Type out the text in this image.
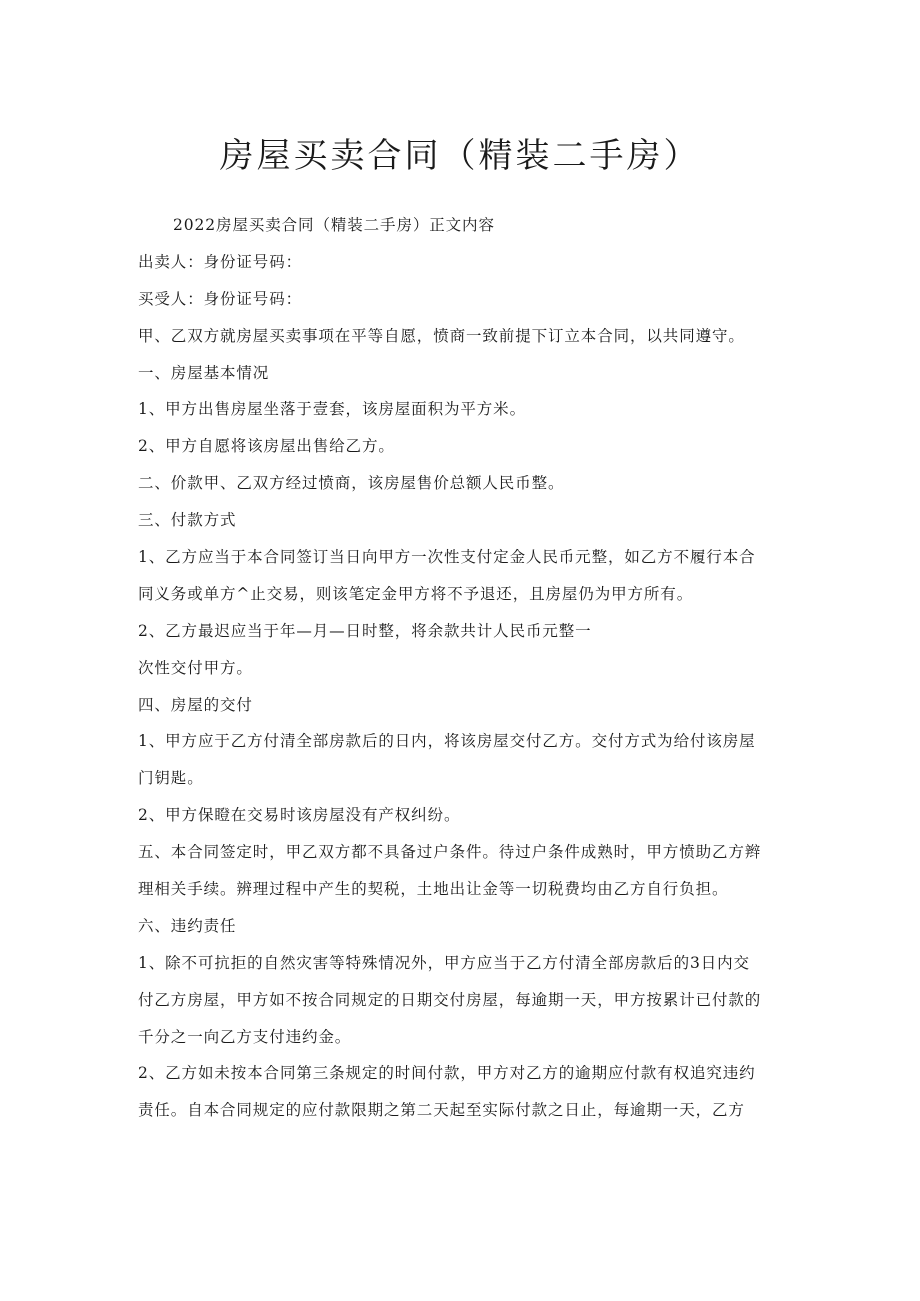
房屋买卖合同（精装二手房）
2022房屋买卖合同（精装二手房）正文内容
出卖人：身份证号码：
买受人：身份证号码：
甲、乙双方就房屋买卖事项在平等自愿，愤商一致前提下订立本合同，以共同遵守。
一、房屋基本情况
1、甲方出售房屋坐落于壹套，该房屋面积为平方米。
2、甲方自愿将该房屋出售给乙方。
二、价款甲、乙双方经过愤商，该房屋售价总额人民币整。
三、付款方式
1、乙方应当于本合同签订当日向甲方一次性支付定金人民币元整，如乙方不履行本合
同义务或单方^止交易，则该笔定金甲方将不予退还，且房屋仍为甲方所有。
2、乙方最迟应当于年—月—日时整，将余款共计人民币元整一
次性交付甲方。
四、房屋的交付
1、甲方应于乙方付清全部房款后的日内，将该房屋交付乙方。交付方式为给付该房屋
门钥匙。
2、甲方保瞪在交易时该房屋没有产权纠纷。
五、本合同签定时，甲乙双方都不具备过户条件。待过户条件成熟时，甲方愤助乙方辫
理相关手续。辨理过程中产生的契税，土地出让金等一切税费均由乙方自行负担。
六、违约责任
1、除不可抗拒的自然灾害等特殊情况外，甲方应当于乙方付清全部房款后的3日内交
付乙方房屋，甲方如不按合同规定的日期交付房屋，每逾期一天，甲方按累计已付款的
千分之一向乙方支付违约金。
2、乙方如未按本合同第三条规定的时间付款，甲方对乙方的逾期应付款有权追究违约
责任。自本合同规定的应付款限期之第二天起至实际付款之日止，每逾期一天，乙方
